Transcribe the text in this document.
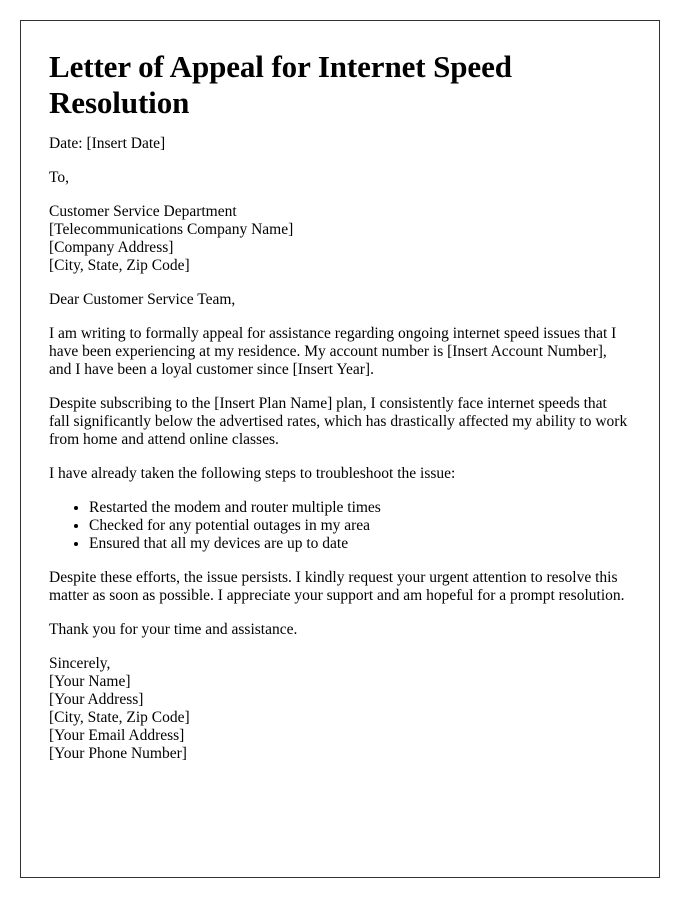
Letter of Appeal for Internet Speed Resolution

Date: [Insert Date]

To,

Customer Service Department
[Telecommunications Company Name]
[Company Address]
[City, State, Zip Code]

Dear Customer Service Team,

I am writing to formally appeal for assistance regarding ongoing internet speed issues that I have been experiencing at my residence. My account number is [Insert Account Number], and I have been a loyal customer since [Insert Year].

Despite subscribing to the [Insert Plan Name] plan, I consistently face internet speeds that fall significantly below the advertised rates, which has drastically affected my ability to work from home and attend online classes.

I have already taken the following steps to troubleshoot the issue:

• Restarted the modem and router multiple times
• Checked for any potential outages in my area
• Ensured that all my devices are up to date

Despite these efforts, the issue persists. I kindly request your urgent attention to resolve this matter as soon as possible. I appreciate your support and am hopeful for a prompt resolution.

Thank you for your time and assistance.

Sincerely,
[Your Name]
[Your Address]
[City, State, Zip Code]
[Your Email Address]
[Your Phone Number]
